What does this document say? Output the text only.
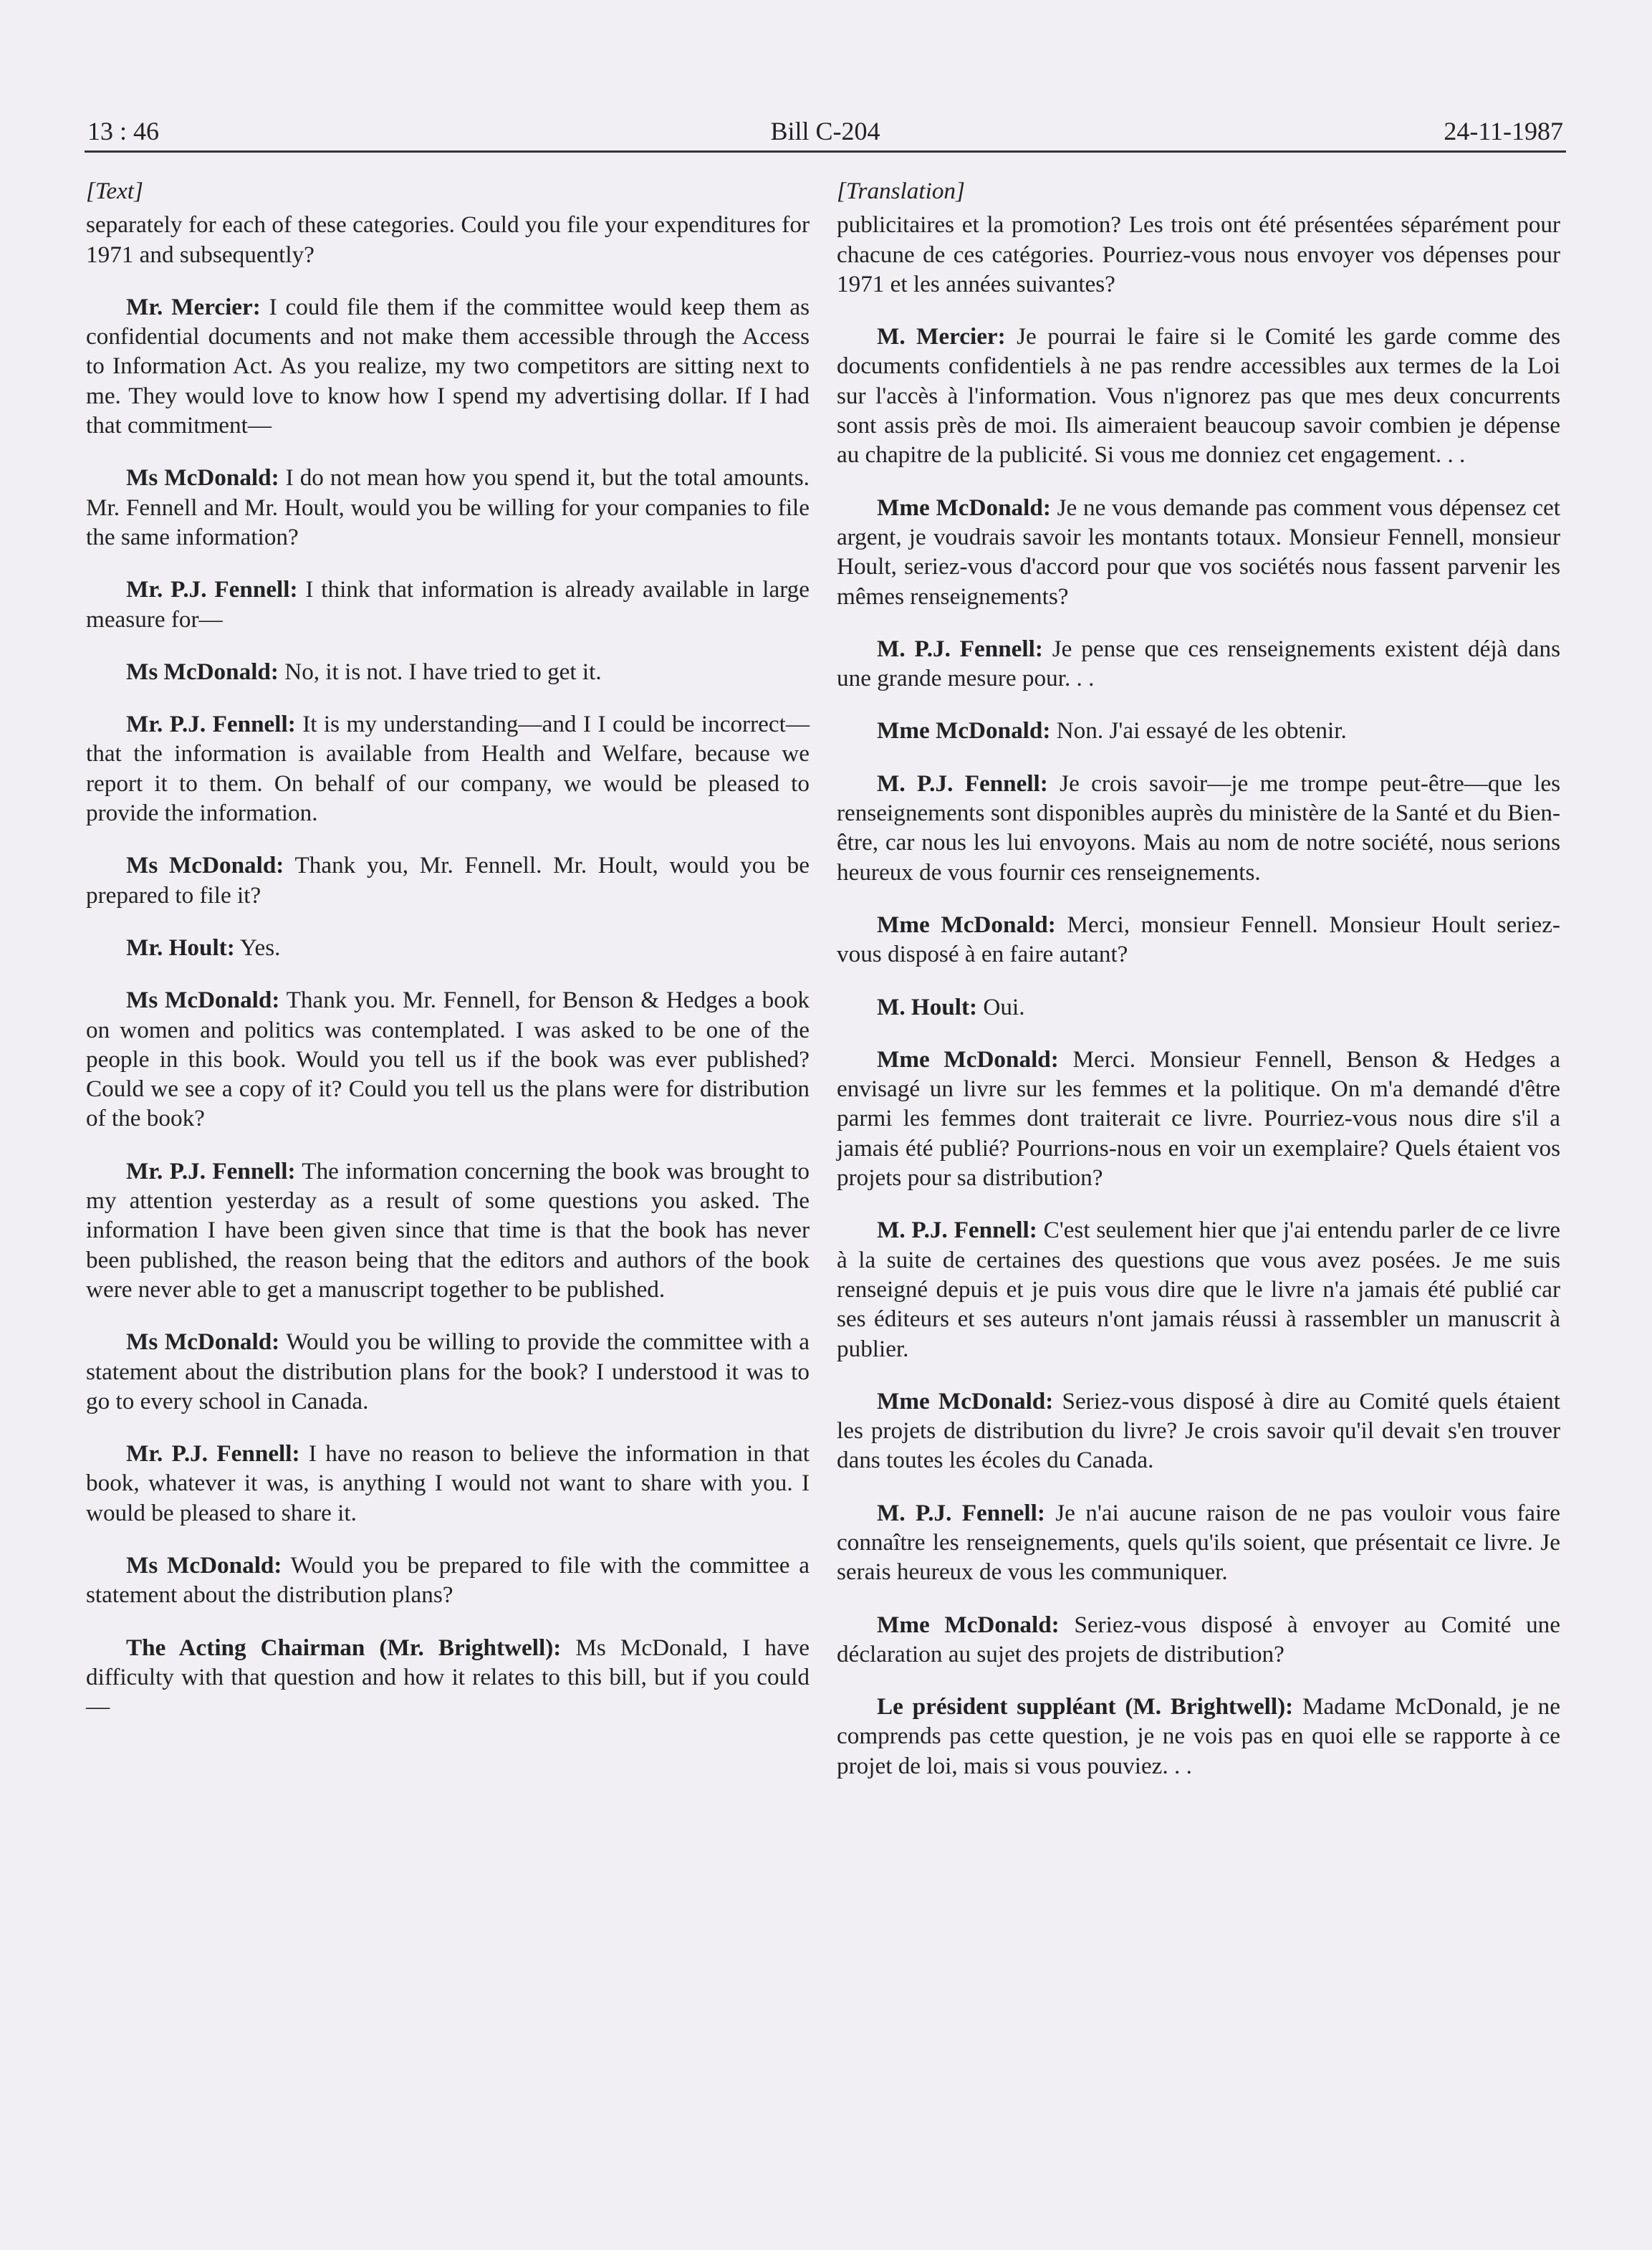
13 : 46	Bill C-204	24-11-1987
[Text]

separately for each of these categories. Could you file your expenditures for 1971 and subsequently?

Mr. Mercier: I could file them if the committee would keep them as confidential documents and not make them accessible through the Access to Information Act. As you realize, my two competitors are sitting next to me. They would love to know how I spend my advertising dollar. If I had that commitment—

Ms McDonald: I do not mean how you spend it, but the total amounts. Mr. Fennell and Mr. Hoult, would you be willing for your companies to file the same information?

Mr. P.J. Fennell: I think that information is already available in large measure for—

Ms McDonald: No, it is not. I have tried to get it.

Mr. P.J. Fennell: It is my understanding—and I I could be incorrect—that the information is available from Health and Welfare, because we report it to them. On behalf of our company, we would be pleased to provide the information.

Ms McDonald: Thank you, Mr. Fennell. Mr. Hoult, would you be prepared to file it?

Mr. Hoult: Yes.

Ms McDonald: Thank you. Mr. Fennell, for Benson & Hedges a book on women and politics was contemplated. I was asked to be one of the people in this book. Would you tell us if the book was ever published? Could we see a copy of it? Could you tell us the plans were for distribution of the book?

Mr. P.J. Fennell: The information concerning the book was brought to my attention yesterday as a result of some questions you asked. The information I have been given since that time is that the book has never been published, the reason being that the editors and authors of the book were never able to get a manuscript together to be published.

Ms McDonald: Would you be willing to provide the committee with a statement about the distribution plans for the book? I understood it was to go to every school in Canada.

Mr. P.J. Fennell: I have no reason to believe the information in that book, whatever it was, is anything I would not want to share with you. I would be pleased to share it.

Ms McDonald: Would you be prepared to file with the committee a statement about the distribution plans?

The Acting Chairman (Mr. Brightwell): Ms McDonald, I have difficulty with that question and how it relates to this bill, but if you could—

[Translation]

publicitaires et la promotion? Les trois ont été présentées séparément pour chacune de ces catégories. Pourriez-vous nous envoyer vos dépenses pour 1971 et les années suivantes?

M. Mercier: Je pourrai le faire si le Comité les garde comme des documents confidentiels à ne pas rendre accessibles aux termes de la Loi sur l'accès à l'information. Vous n'ignorez pas que mes deux concurrents sont assis près de moi. Ils aimeraient beaucoup savoir combien je dépense au chapitre de la publicité. Si vous me donniez cet engagement. . .

Mme McDonald: Je ne vous demande pas comment vous dépensez cet argent, je voudrais savoir les montants totaux. Monsieur Fennell, monsieur Hoult, seriez-vous d'accord pour que vos sociétés nous fassent parvenir les mêmes renseignements?

M. P.J. Fennell: Je pense que ces renseignements existent déjà dans une grande mesure pour. . .

Mme McDonald: Non. J'ai essayé de les obtenir.

M. P.J. Fennell: Je crois savoir—je me trompe peut-être—que les renseignements sont disponibles auprès du ministère de la Santé et du Bien-être, car nous les lui envoyons. Mais au nom de notre société, nous serions heureux de vous fournir ces renseignements.

Mme McDonald: Merci, monsieur Fennell. Monsieur Hoult seriez-vous disposé à en faire autant?

M. Hoult: Oui.

Mme McDonald: Merci. Monsieur Fennell, Benson & Hedges a envisagé un livre sur les femmes et la politique. On m'a demandé d'être parmi les femmes dont traiterait ce livre. Pourriez-vous nous dire s'il a jamais été publié? Pourrions-nous en voir un exemplaire? Quels étaient vos projets pour sa distribution?

M. P.J. Fennell: C'est seulement hier que j'ai entendu parler de ce livre à la suite de certaines des questions que vous avez posées. Je me suis renseigné depuis et je puis vous dire que le livre n'a jamais été publié car ses éditeurs et ses auteurs n'ont jamais réussi à rassembler un manuscrit à publier.

Mme McDonald: Seriez-vous disposé à dire au Comité quels étaient les projets de distribution du livre? Je crois savoir qu'il devait s'en trouver dans toutes les écoles du Canada.

M. P.J. Fennell: Je n'ai aucune raison de ne pas vouloir vous faire connaître les renseignements, quels qu'ils soient, que présentait ce livre. Je serais heureux de vous les communiquer.

Mme McDonald: Seriez-vous disposé à envoyer au Comité une déclaration au sujet des projets de distribution?

Le président suppléant (M. Brightwell): Madame McDonald, je ne comprends pas cette question, je ne vois pas en quoi elle se rapporte à ce projet de loi, mais si vous pouviez. . .
